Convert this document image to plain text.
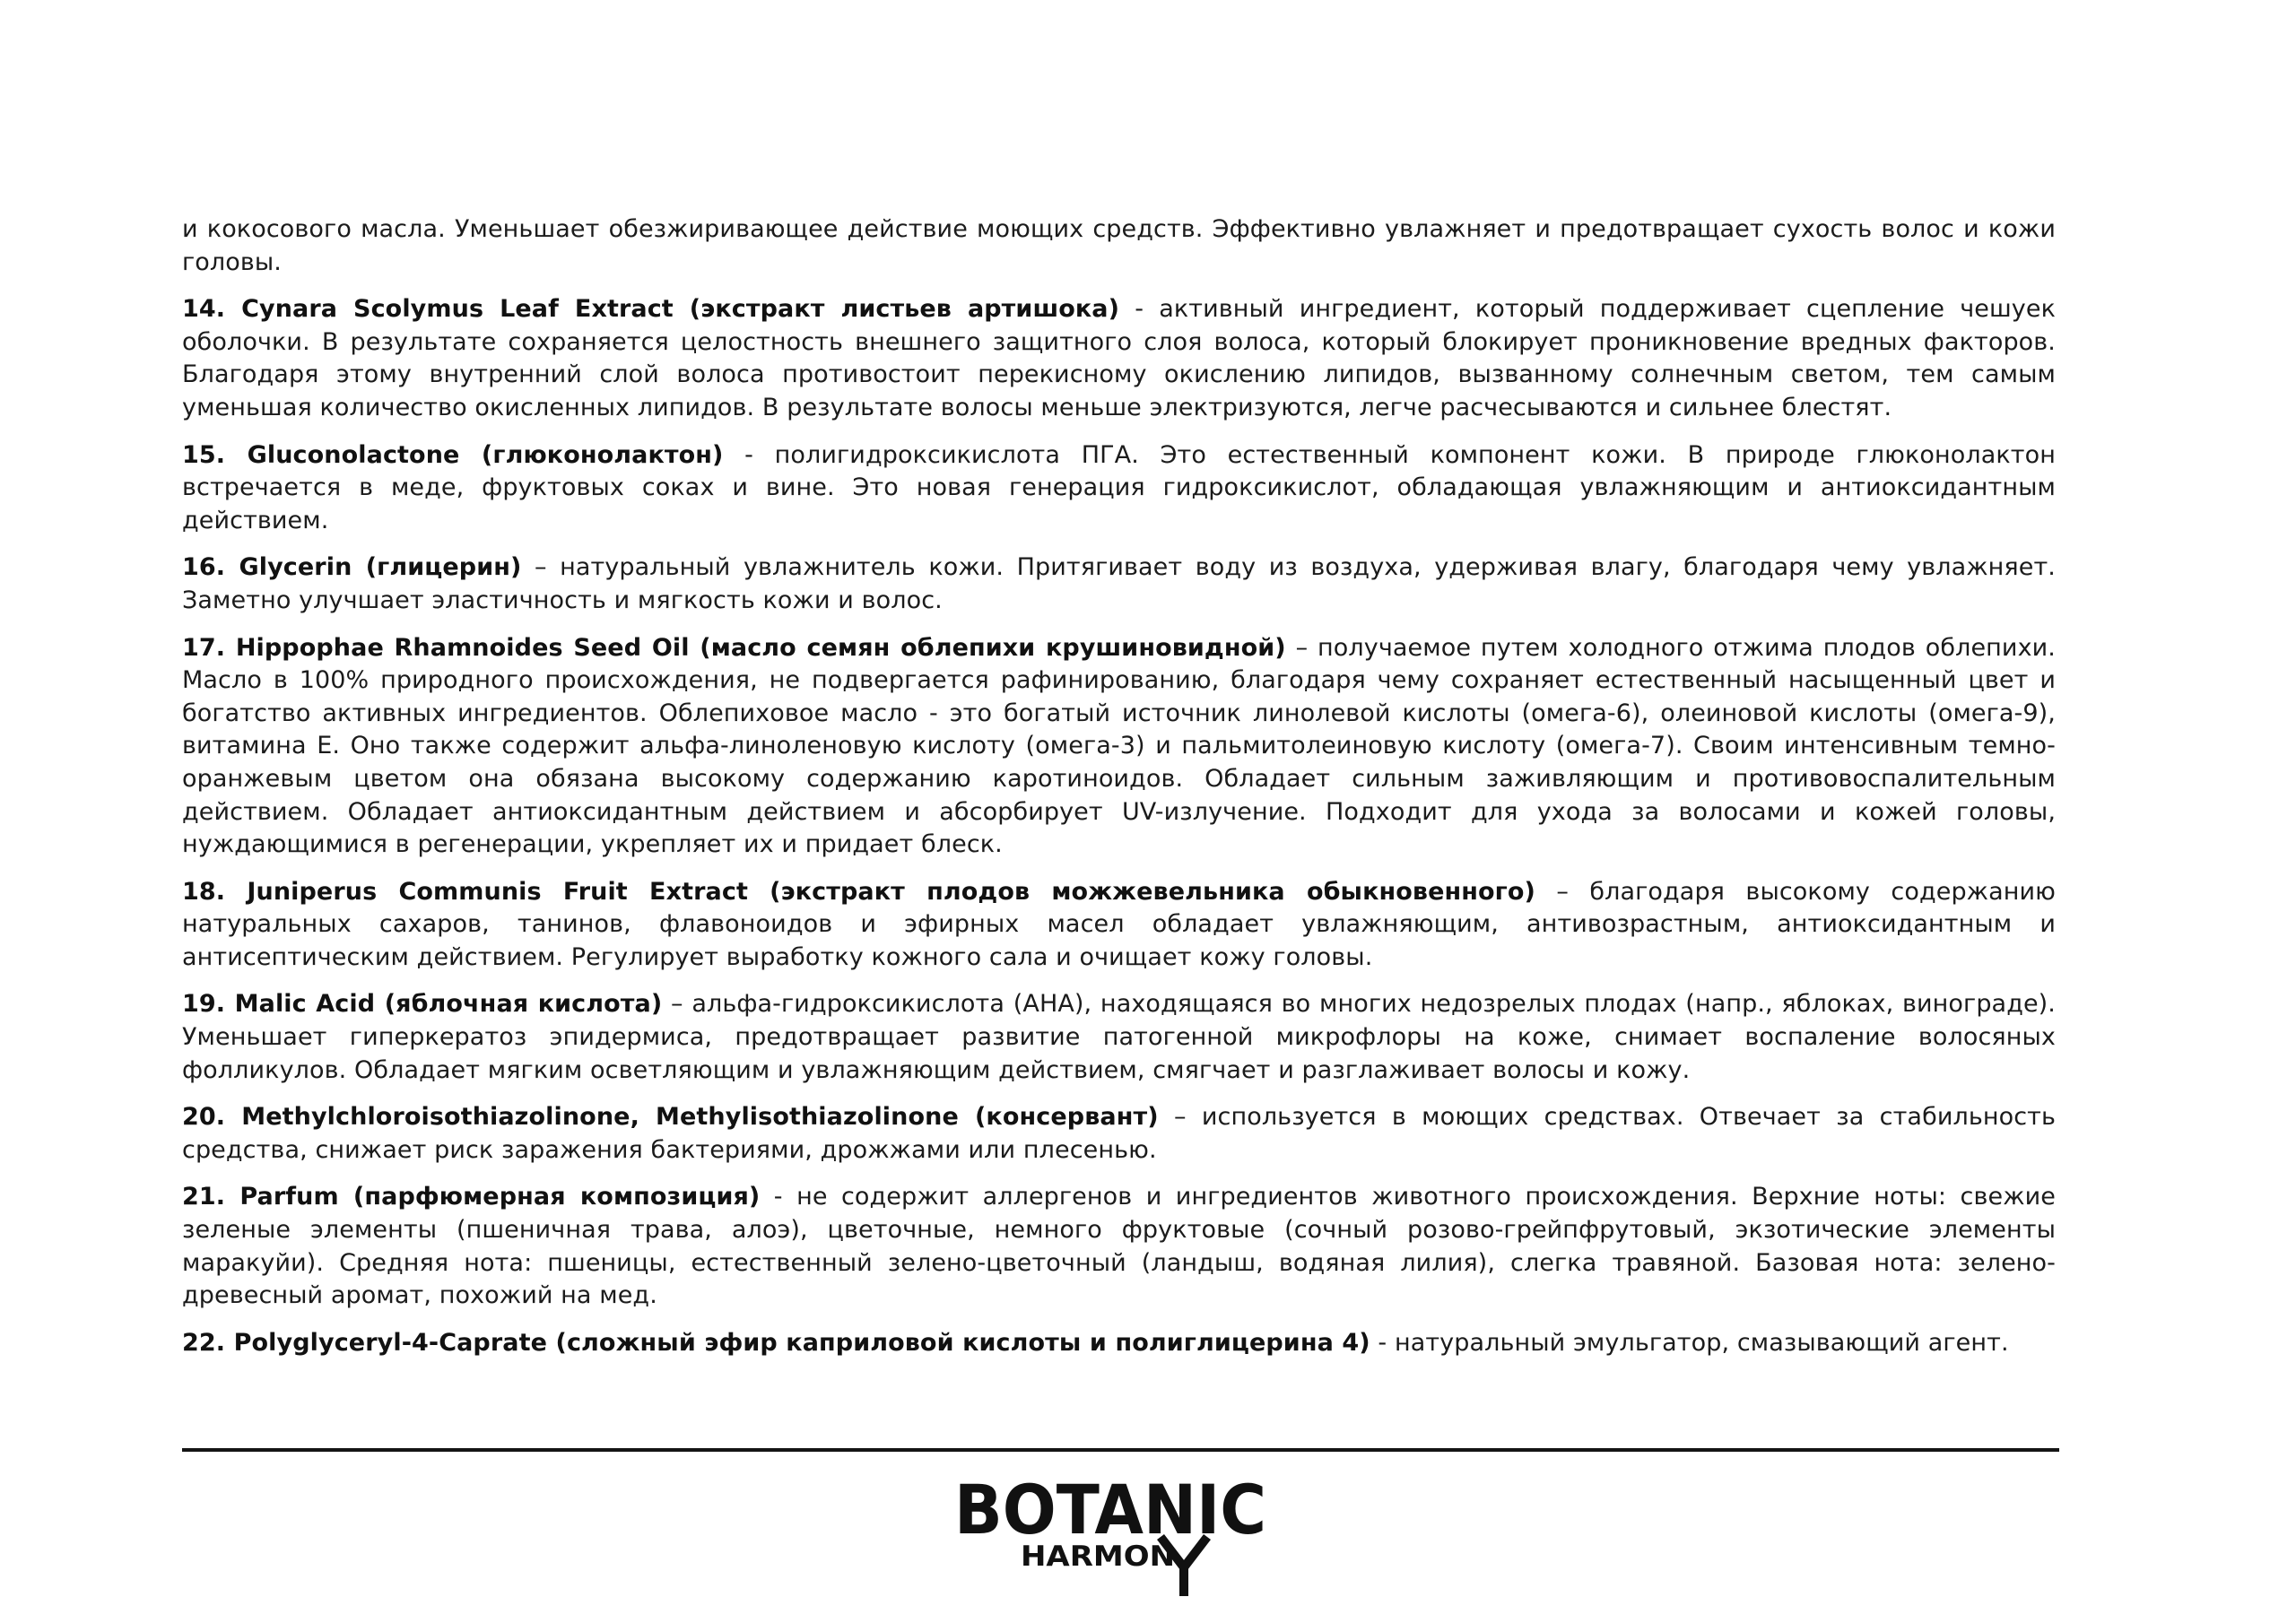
и кокосового масла. Уменьшает обезжиривающее действие моющих средств. Эффективно увлажняет и предотвращает сухость волос и кожи головы.

14. Cynara Scolymus Leaf Extract (экстракт листьев артишока) - активный ингредиент, который поддерживает сцепление чешуек оболочки. В результате сохраняется целостность внешнего защитного слоя волоса, который блокирует проникновение вредных факторов. Благодаря этому внутренний слой волоса противостоит перекисному окислению липидов, вызванному солнечным светом, тем самым уменьшая количество окисленных липидов. В результате волосы меньше электризуются, легче расчесываются и сильнее блестят.

15. Gluconolactone (глюконолактон) - полигидроксикислота ПГА. Это естественный компонент кожи. В природе глюконолактон встречается в меде, фруктовых соках и вине. Это новая генерация гидроксикислот, обладающая увлажняющим и антиоксидантным действием.

16. Glycerin (глицерин) – натуральный увлажнитель кожи. Притягивает воду из воздуха, удерживая влагу, благодаря чему увлажняет. Заметно улучшает эластичность и мягкость кожи и волос.

17. Hippophae Rhamnoides Seed Oil (масло семян облепихи крушиновидной) – получаемое путем холодного отжима плодов облепихи. Масло в 100% природного происхождения, не подвергается рафинированию, благодаря чему сохраняет естественный насыщенный цвет и богатство активных ингредиентов. Облепиховое масло - это богатый источник линолевой кислоты (омега-6), олеиновой кислоты (омега-9), витамина Е. Оно также содержит альфа-линоленовую кислоту (омега-3) и пальмитолеиновую кислоту (омега-7). Своим интенсивным темно-оранжевым цветом она обязана высокому содержанию каротиноидов. Обладает сильным заживляющим и противовоспалительным действием. Обладает антиоксидантным действием и абсорбирует UV-излучение. Подходит для ухода за волосами и кожей головы, нуждающимися в регенерации, укрепляет их и придает блеск.

18. Juniperus Communis Fruit Extract (экстракт плодов можжевельника обыкновенного) – благодаря высокому содержанию натуральных сахаров, танинов, флавоноидов и эфирных масел обладает увлажняющим, антивозрастным, антиоксидантным и антисептическим действием. Регулирует выработку кожного сала и очищает кожу головы.

19. Malic Acid (яблочная кислота) – альфа-гидроксикислота (АНА), находящаяся во многих недозрелых плодах (напр., яблоках, винограде). Уменьшает гиперкератоз эпидермиса, предотвращает развитие патогенной микрофлоры на коже, снимает воспаление волосяных фолликулов. Обладает мягким осветляющим и увлажняющим действием, смягчает и разглаживает волосы и кожу.

20. Methylchloroisothiazolinone, Methylisothiazolinone (консервант) – используется в моющих средствах. Отвечает за стабильность средства, снижает риск заражения бактериями, дрожжами или плесенью.

21. Parfum (парфюмерная композиция) - не содержит аллергенов и ингредиентов животного происхождения. Верхние ноты: свежие зеленые элементы (пшеничная трава, алоэ), цветочные, немного фруктовые (сочный розово-грейпфрутовый, экзотические элементы маракуйи). Средняя нота: пшеницы, естественный зелено-цветочный (ландыш, водяная лилия), слегка травяной. Базовая нота: зелено-древесный аромат, похожий на мед.

22. Polyglyceryl-4-Caprate (сложный эфир каприловой кислоты и полиглицерина 4) - натуральный эмульгатор, смазывающий агент.

BOTANIC
HARMON
